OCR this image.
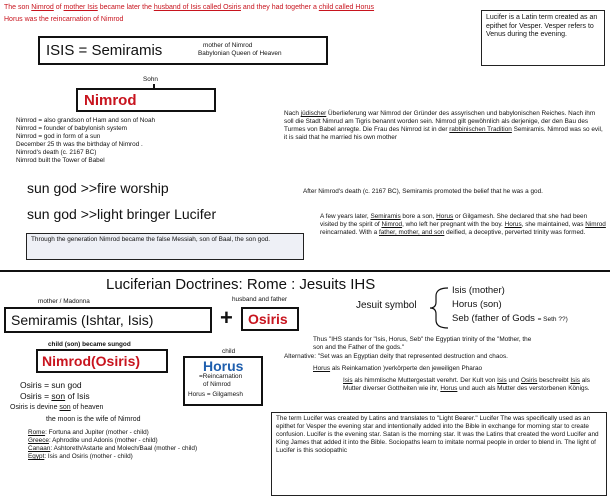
The son Nimrod of mother Isis became later the husband of Isis called Osiris and they had together a child called Horus
Horus was the reincarnation of Nimrod	Lucifer is a Latin term created as an epithet for Vesper. Vesper refers to Venus during the evening.
ISIS = Semiramis	mother of Nimrod
Babylonian Queen of Heaven
Sohn
Nimrod
Nimrod = also grandson of Ham and son of Noah
Nimrod = founder of babylonish system
Nimrod = god in form of a sun
December 25 th was the birthday of Nimrod .
Nimrod's death (c. 2167 BC)
Nimrod built the Tower of Babel
Nach jüdischer Überlieferung war Nimrod der Gründer des assyrischen und babylonischen Reiches. Nach ihm soll die Stadt Nimrud am Tigris benannt worden sein. Nimrod gilt gewöhnlich als derjenige, der den Bau des Turmes von Babel anregte. Die Frau des Nimrod ist in der rabbinischen Tradition Semiramis. Nimrod was so evil, it is said that he married his own mother
sun god >>fire worship
sun god >>light bringer Lucifer
After Nimrod's death (c. 2167 BC), Semiramis promoted the belief that he was a god.
A few years later, Semiramis bore a son, Horus or Gilgamesh. She declared that she had been visited by the spirit of Nimrod, who left her pregnant with the boy. Horus, she maintained, was Nimrod reincarnated. With a father, mother, and son deified, a deceptive, perverted trinity was formed.
Through the generation Nimrod became the false Messiah, son of Baal, the son god.
Luciferian Doctrines: Rome : Jesuits IHS
Jesuit symbol
Isis (mother)
Horus (son)
Seb (father of Gods = Seth ??)
mother / Madonna	husband and father
Semiramis (Ishtar, Isis)	+ Osiris
child (son) became sungod
Nimrod(Osiris)
child
Horus
=Reincarnation
of Nimrod
Horus = Gilgamesh
Thus "IHS stands for "Isis, Horus, Seb" the Egyptian trinity of the "Mother, the son and the Father of the gods."
Alternative: "Set was an Egyptian deity that represented destruction and chaos.
Horus als Reinkarnation )verkörperte den jeweiligen Pharao
Isis als himmlische Muttergestalt verehrt. Der Kult von Isis und Osiris beschreibt Isis als Mutter diverser Gottheiten wie ihr, Horus und auch als Mutter des verstorbenen Königs.
Osiris = sun god
Osiris = son of Isis
Osiris is devine son of heaven
the moon is the wife of Nimrod
Rome: Fortuna and Jupiter (mother - child)
Greece: Aphrodite und Adonis (mother - child)
Canaan: Ashtoreth/Astarte and Molech/Baal (mother - child)
Egypt: Isis and Osiris (mother - child)
The term Lucifer was created by Latins and translates to "Light Bearer." Lucifer The was specifically used as an epithet for Vesper the evening star and intentionally added into the Bible in exchange for morning star to create confusion. Lucifer is the evening star. Satan is the morning star. It was the Latins that created the word Lucifer and King James that added it into the Bible. Sociopaths learn to imitate normal people in order to blend in. The light of Lucifer is this sociopathic
